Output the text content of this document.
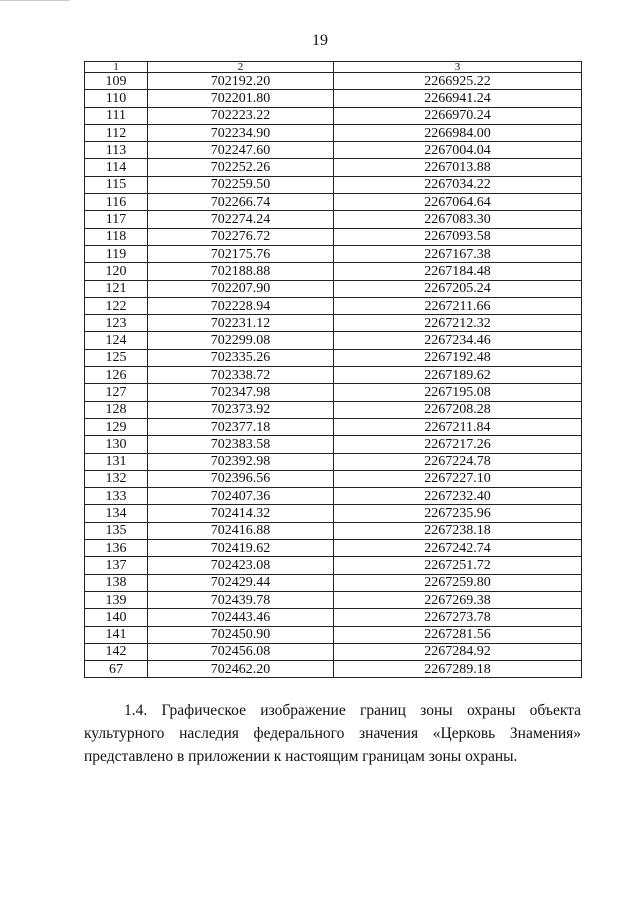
19
1	2	3
109	702192.20	2266925.22
110	702201.80	2266941.24
111	702223.22	2266970.24
112	702234.90	2266984.00
113	702247.60	2267004.04
114	702252.26	2267013.88
115	702259.50	2267034.22
116	702266.74	2267064.64
117	702274.24	2267083.30
118	702276.72	2267093.58
119	702175.76	2267167.38
120	702188.88	2267184.48
121	702207.90	2267205.24
122	702228.94	2267211.66
123	702231.12	2267212.32
124	702299.08	2267234.46
125	702335.26	2267192.48
126	702338.72	2267189.62
127	702347.98	2267195.08
128	702373.92	2267208.28
129	702377.18	2267211.84
130	702383.58	2267217.26
131	702392.98	2267224.78
132	702396.56	2267227.10
133	702407.36	2267232.40
134	702414.32	2267235.96
135	702416.88	2267238.18
136	702419.62	2267242.74
137	702423.08	2267251.72
138	702429.44	2267259.80
139	702439.78	2267269.38
140	702443.46	2267273.78
141	702450.90	2267281.56
142	702456.08	2267284.92
67	702462.20	2267289.18

1.4. Графическое изображение границ зоны охраны объекта культурного наследия федерального значения «Церковь Знамения» представлено в приложении к настоящим границам зоны охраны.
